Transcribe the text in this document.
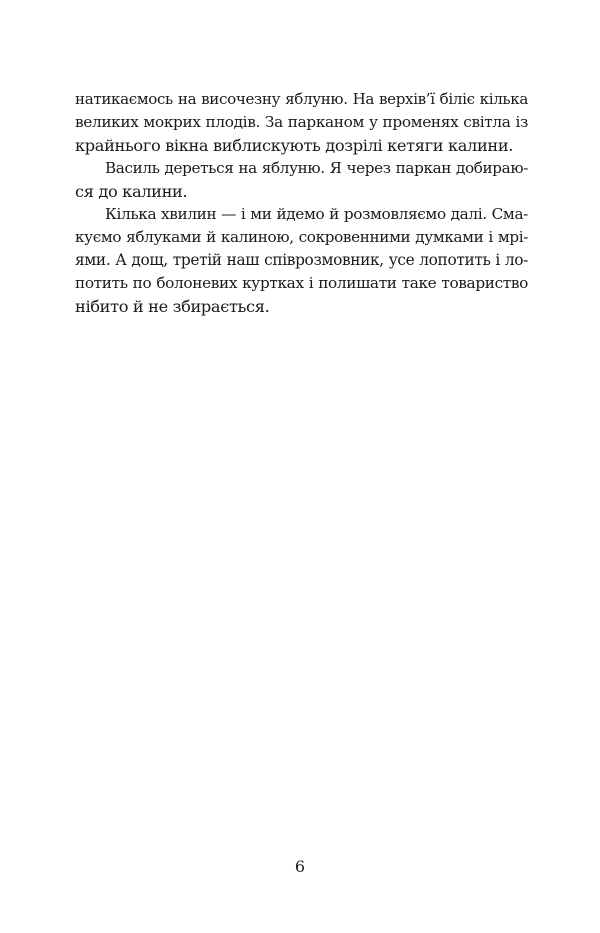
натикаємось на височезну яблуню. На верхів’ї біліє кілька
великих мокрих плодів. За парканом у променях світла із
крайнього вікна виблискують дозрілі кетяги калини.
Василь дереться на яблуню. Я через паркан добираю-
ся до калини.
Кілька хвилин — і ми йдемо й розмовляємо далі. Сма-
куємо яблуками й калиною, сокровенними думками і мрі-
ями. А дощ, третій наш співрозмовник, усе лопотить і ло-
потить по болоневих куртках і полишати таке товариство
нібито й не збирається.
6
